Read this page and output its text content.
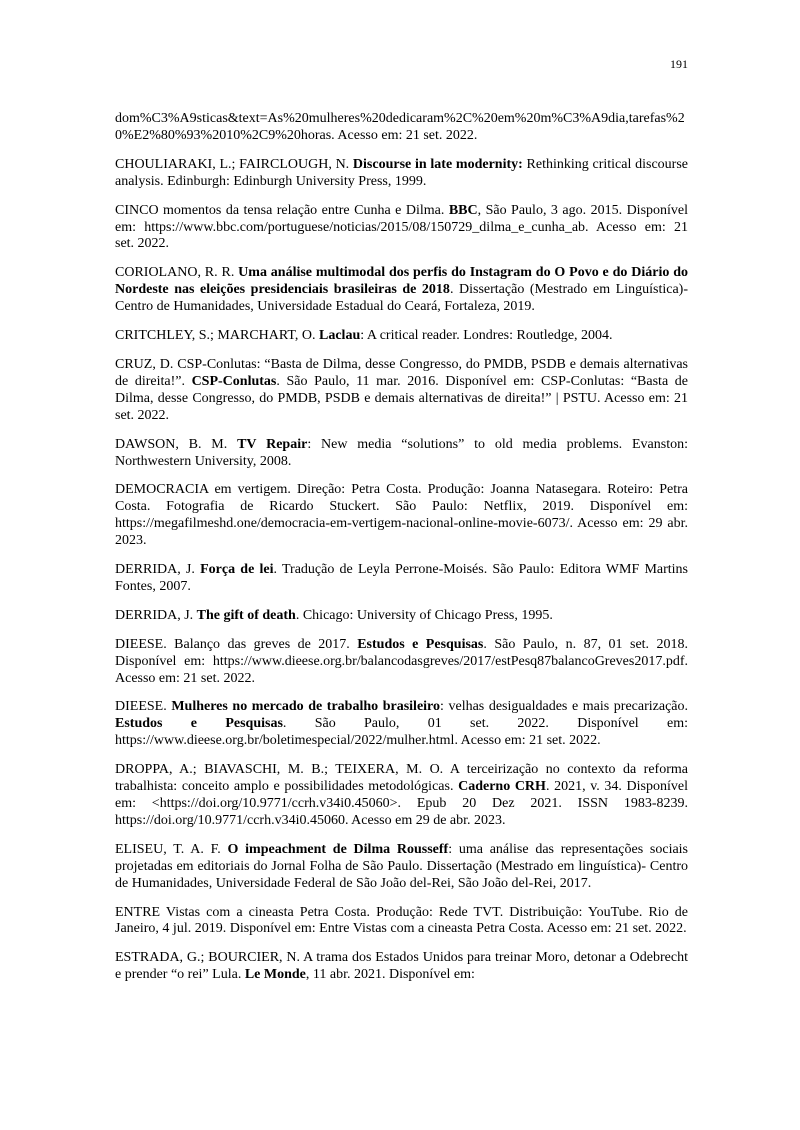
191

dom%C3%A9sticas&text=As%20mulheres%20dedicaram%2C%20em%20m%C3%A9dia,tarefas%20%E2%80%93%2010%2C9%20horas. Acesso em: 21 set. 2022.

CHOULIARAKI, L.; FAIRCLOUGH, N. Discourse in late modernity: Rethinking critical discourse analysis. Edinburgh: Edinburgh University Press, 1999.

CINCO momentos da tensa relação entre Cunha e Dilma. BBC, São Paulo, 3 ago. 2015. Disponível em: https://www.bbc.com/portuguese/noticias/2015/08/150729_dilma_e_cunha_ab. Acesso em: 21 set. 2022.

CORIOLANO, R. R. Uma análise multimodal dos perfis do Instagram do O Povo e do Diário do Nordeste nas eleições presidenciais brasileiras de 2018. Dissertação (Mestrado em Linguística)- Centro de Humanidades, Universidade Estadual do Ceará, Fortaleza, 2019.

CRITCHLEY, S.; MARCHART, O. Laclau: A critical reader. Londres: Routledge, 2004.

CRUZ, D. CSP-Conlutas: “Basta de Dilma, desse Congresso, do PMDB, PSDB e demais alternativas de direita!”. CSP-Conlutas. São Paulo, 11 mar. 2016. Disponível em: CSP-Conlutas: “Basta de Dilma, desse Congresso, do PMDB, PSDB e demais alternativas de direita!” | PSTU. Acesso em: 21 set. 2022.

DAWSON, B. M. TV Repair: New media “solutions” to old media problems. Evanston: Northwestern University, 2008.

DEMOCRACIA em vertigem. Direção: Petra Costa. Produção: Joanna Natasegara. Roteiro: Petra Costa. Fotografia de Ricardo Stuckert. São Paulo: Netflix, 2019. Disponível em: https://megafilmeshd.one/democracia-em-vertigem-nacional-online-movie-6073/. Acesso em: 29 abr. 2023.

DERRIDA, J. Força de lei. Tradução de Leyla Perrone-Moisés. São Paulo: Editora WMF Martins Fontes, 2007.

DERRIDA, J. The gift of death. Chicago: University of Chicago Press, 1995.

DIEESE. Balanço das greves de 2017. Estudos e Pesquisas. São Paulo, n. 87, 01 set. 2018. Disponível em: https://www.dieese.org.br/balancodasgreves/2017/estPesq87balancoGreves2017.pdf. Acesso em: 21 set. 2022.

DIEESE. Mulheres no mercado de trabalho brasileiro: velhas desigualdades e mais precarização. Estudos e Pesquisas. São Paulo, 01 set. 2022. Disponível em: https://www.dieese.org.br/boletimespecial/2022/mulher.html. Acesso em: 21 set. 2022.

DROPPA, A.; BIAVASCHI, M. B.; TEIXERA, M. O. A terceirização no contexto da reforma trabalhista: conceito amplo e possibilidades metodológicas. Caderno CRH. 2021, v. 34. Disponível em: <https://doi.org/10.9771/ccrh.v34i0.45060>. Epub 20 Dez 2021. ISSN 1983-8239. https://doi.org/10.9771/ccrh.v34i0.45060. Acesso em 29 de abr. 2023.

ELISEU, T. A. F. O impeachment de Dilma Rousseff: uma análise das representações sociais projetadas em editoriais do Jornal Folha de São Paulo. Dissertação (Mestrado em linguística)- Centro de Humanidades, Universidade Federal de São João del-Rei, São João del-Rei, 2017.

ENTRE Vistas com a cineasta Petra Costa. Produção: Rede TVT. Distribuição: YouTube. Rio de Janeiro, 4 jul. 2019. Disponível em: Entre Vistas com a cineasta Petra Costa. Acesso em: 21 set. 2022.

ESTRADA, G.; BOURCIER, N. A trama dos Estados Unidos para treinar Moro, detonar a Odebrecht e prender “o rei” Lula. Le Monde, 11 abr. 2021. Disponível em:
